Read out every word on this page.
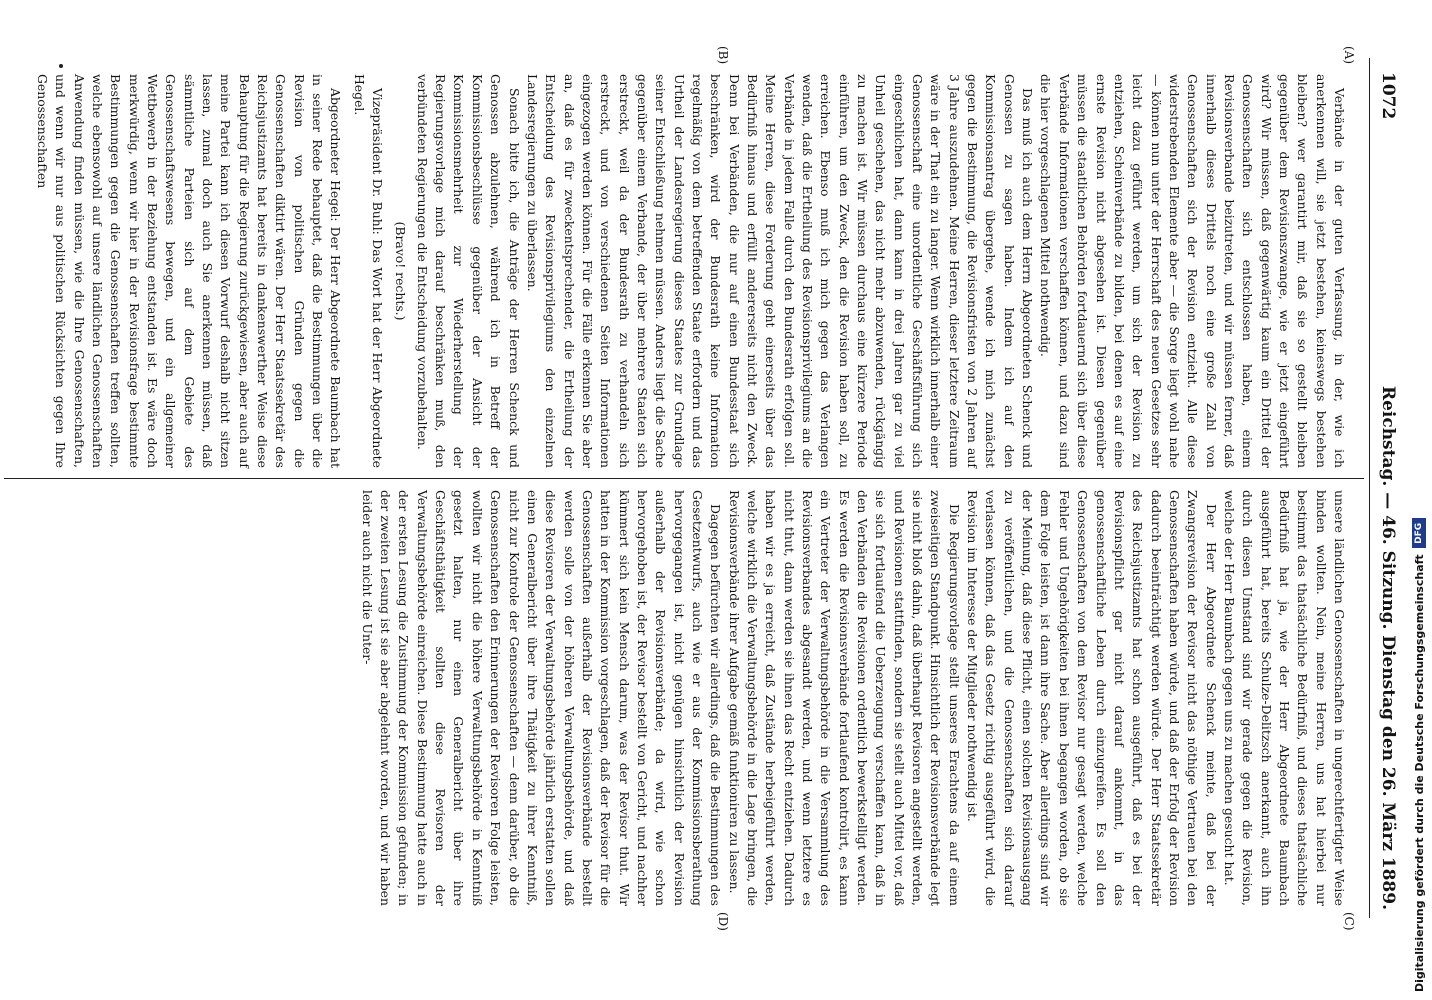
1072
Reichstag. — 46. Sitzung. Dienstag den 26. März 1889.
(A)
(B)
(C)
(D)

Verbände in der guten Verfassung, in der, wie ich anerkennen will, sie jetzt bestehen, keineswegs bestehen bleiben? wer garantirt mir, daß sie so gestellt bleiben gegenüber dem Revisionszwange, wie er jetzt eingeführt wird? Wir müssen, daß gegenwärtig kaum ein Drittel der Genossenschaften sich entschlossen haben, einem Revisionsverbande beizutreten, und wir müssen ferner, daß innerhalb dieses Drittels noch eine große Zahl von Genossenschaften sich der Revision entzieht. Alle diese widerstrebenden Elemente aber — die Sorge liegt wohl nahe — können nun unter der Herrschaft des neuen Gesetzes sehr leicht dazu geführt werden, um sich der Revision zu entziehen, Scheinverbände zu bilden, bei denen es auf eine ernste Revision nicht abgesehen ist. Diesen gegenüber müssen die staatlichen Behörden fortdauernd sich über diese Verbände Informationen verschaffen können, und dazu sind die hier vorgeschlagenen Mittel nothwendig.

Das muß ich auch dem Herrn Abgeordneten Schenck und Genossen zu sagen haben. Indem ich auf den Kommissionsantrag übergehe, wende ich mich zunächst gegen die Bestimmung, die Revisionsfristen von 2 Jahren auf 3 Jahre auszudehnen. Meine Herren, dieser letztere Zeitraum wäre in der That ein zu langer. Wenn wirklich innerhalb einer Genossenschaft eine unordentliche Geschäftsführung sich eingeschlichen hat, dann kann in drei Jahren gar zu viel Unheil geschehen, das nicht mehr abzuwenden, rückgängig zu machen ist. Wir müssen durchaus eine kürzere Periode einführen, um den Zweck, den die Revision haben soll, zu erreichen. Ebenso muß ich mich gegen das Verlangen wenden, daß die Ertheilung des Revisionsprivilegiums an die Verbände in jedem Falle durch den Bundesrath erfolgen soll. Meine Herren, diese Forderung geht einerseits über das Bedürfniß hinaus und erfüllt andererseits nicht den Zweck. Denn bei Verbänden, die nur auf einen Bundesstaat sich beschränken, wird der Bundesrath keine Information regelmäßig von dem betreffenden Staate erfordern und das Urtheil der Landesregierung dieses Staates zur Grundlage seiner Entschließung nehmen müssen. Anders liegt die Sache gegenüber einem Verbande, der über mehrere Staaten sich erstreckt, weil da der Bundesrath zu verhandeln sich erstreckt, und von verschiedenen Seiten Informationen eingezogen werden können. Für die Fälle erkennen Sie aber an, daß es für zweckentsprechender, die Ertheilung der Entscheidung des Revisionsprivilegiums den einzelnen Landesregierungen zu überlassen.

Sonach bitte ich, die Anträge der Herren Schenck und Genossen abzulehnen, während ich in Betreff der Kommissionsbeschlüsse gegenüber der Ansicht der Kommissionsmehrheit zur Wiederherstellung der Regierungsvorlage mich darauf beschränken muß, den verbündeten Regierungen die Entscheidung vorzubehalten.

(Bravo! rechts.)

Vizepräsident Dr. Buhl: Das Wort hat der Herr Abgeordnete Hegel.

Abgeordneter Hegel: Der Herr Abgeordnete Baumbach hat in seiner Rede behauptet, daß die Bestimmungen über die Revision von politischen Gründen gegen die Genossenschaften diktirt wären. Der Herr Staatssekretär des Reichsjustizamts hat bereits in dankenswerther Weise diese Behauptung für die Regierung zurückgewiesen, aber auch auf meine Partei kann ich diesen Vorwurf deshalb nicht sitzen lassen, zumal doch auch Sie anerkennen müssen, daß sämmtliche Parteien sich auf dem Gebiete des Genossenschaftswesens bewegen, und ein allgemeiner Wettbewerb in der Beziehung entstanden ist. Es wäre doch merkwürdig, wenn wir hier in der Revisionsfrage bestimmte Bestimmungen gegen die Genossenschaften treffen sollten, welche ebensowohl auf unsere ländlichen Genossenschaften Anwendung finden müssen, wie die Ihre Genossenschaften, und wenn wir nur aus politischen Rücksichten gegen Ihre Genossenschaften

unsere ländlichen Genossenschaften in ungerechtfertigter Weise binden wollten. Nein, meine Herren, uns hat hierbei nur bestimmt das thatsächliche Bedürfniß, und dieses thatsächliche Bedürfniß hat ja, wie der Herr Abgeordnete Baumbach ausgeführt hat, bereits Schulze-Delitzsch anerkannt, auch ihn durch diesen Umstand sind wir gerade gegen die Revision, welche der Herr Baumbach gegen uns zu machen gesucht hat.

Der Herr Abgeordnete Schenck meinte, daß bei der Zwangsrevision der Revisor nicht das nöthige Vertrauen bei den Genossenschaften haben würde, und daß der Erfolg der Revision dadurch beeinträchtigt werden würde. Der Herr Staatssekretär des Reichsjustizamts hat schon ausgeführt, daß es bei der Revisionspflicht gar nicht darauf ankommt, in das genossenschaftliche Leben durch einzugreifen. Es soll den Genossenschaften von dem Revisor nur gesagt werden, welche Fehler und Ungehörigkeiten bei ihnen begangen worden, ob sie dem Folge leisten, ist dann ihre Sache. Aber allerdings sind wir der Meinung, daß diese Pflicht, einen solchen Revisionsausgang zu veröffentlichen, und die Genossenschaften sich darauf verlassen können, daß das Gesetz richtig ausgeführt wird, die Revision im Interesse der Mitglieder nothwendig ist.

Die Regierungsvorlage stellt unseres Erachtens da auf einem zweiseitigen Standpunkt. Hinsichtlich der Revisionsverbände legt sie nicht bloß dahin, daß überhaupt Revisoren angestellt werden, und Revisionen stattfinden, sondern sie stellt auch Mittel vor, daß sie sich fortlaufend die Ueberzeugung verschaffen kann, daß in den Verbänden die Revisionen ordentlich bewerkstelligt werden. Es werden die Revisionsverbände fortlaufend kontrolirt, es kann ein Vertreter der Verwaltungsbehörde in die Versammlung des Revisionsverbandes abgesandt werden, und wenn letztere es nicht thut, dann werden sie ihnen das Recht entziehen. Dadurch haben wir es ja erreicht, daß Zustände herbeigeführt werden, welche wirklich die Verwaltungsbehörde in die Lage bringen, die Revisionsverbände ihrer Aufgabe gemäß funktioniren zu lassen.

Dagegen befürchten wir allerdings, daß die Bestimmungen des Gesetzentwurfs, auch wie er aus der Kommissionsberathung hervorgegangen ist, nicht genügen hinsichtlich der Revision außerhalb der Revisionsverbände; da wird, wie schon hervorgehoben ist, der Revisor bestellt von Gericht, und nachher kümmert sich kein Mensch darum, was der Revisor thut. Wir hatten in der Kommission vorgeschlagen, daß der Revisor für die Genossenschaften außerhalb der Revisionsverbände bestellt werden solle von der höheren Verwaltungsbehörde, und daß diese Revisoren der Verwaltungsbehörde jährlich erstatten sollen einen Generalbericht über ihre Thätigkeit zu ihrer Kenntniß, nicht zur Kontrole der Genossenschaften — denn darüber, ob die Genossenschaften den Erinnerungen der Revisoren Folge leisten, wollten wir nicht die höhere Verwaltungsbehörde in Kenntniß gesetzt halten, nur einen Generalbericht über ihre Geschäftsthätigkeit sollten diese Revisoren der Verwaltungsbehörde einreichen. Diese Bestimmung hatte auch in der ersten Lesung die Zustimmung der Kommission gefunden; in der zweiten Lesung ist sie aber abgelehnt worden, und wir haben leider auch nicht die Unter-	Digitalisierung gefördert durch die Deutsche Forschungsgemeinschaft
DFG
